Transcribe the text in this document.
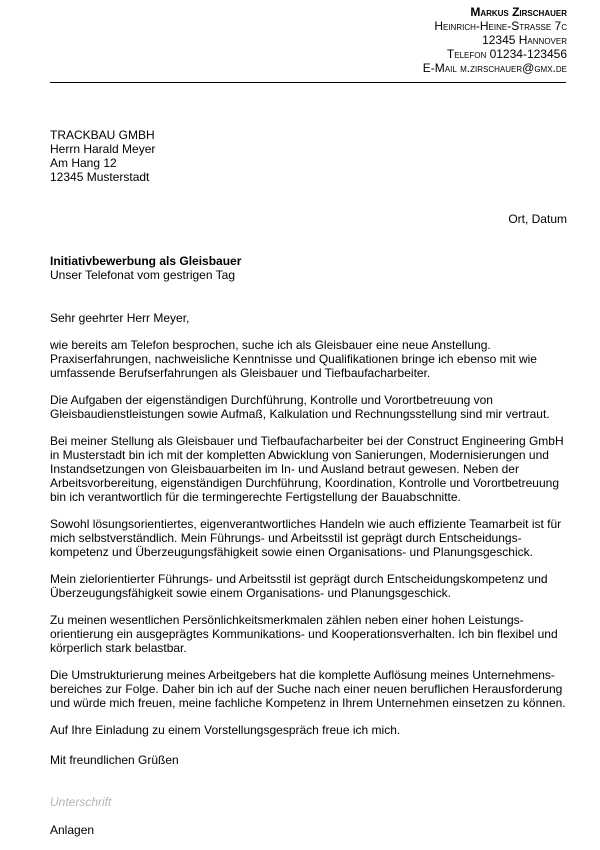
Markus Zirschauer
Heinrich-Heine-Strasse 7c
12345 Hannover
Telefon 01234-123456
E-Mail m.zirschauer@gmx.de
TRACKBAU GMBH
Herrn Harald Meyer
Am Hang 12
12345 Musterstadt
Ort, Datum
Initiativbewerbung als Gleisbauer
Unser Telefonat vom gestrigen Tag
Sehr geehrter Herr Meyer,

wie bereits am Telefon besprochen, suche ich als Gleisbauer eine neue Anstellung. Praxiserfahrungen, nachweisliche Kenntnisse und Qualifikationen bringe ich ebenso mit wie umfassende Berufserfahrungen als Gleisbauer und Tiefbaufacharbeiter.

Die Aufgaben der eigenständigen Durchführung, Kontrolle und Vorortbetreuung von Gleisbaudienstleistungen sowie Aufmaß, Kalkulation und Rechnungsstellung sind mir vertraut.

Bei meiner Stellung als Gleisbauer und Tiefbaufacharbeiter bei der Construct Engineering GmbH in Musterstadt bin ich mit der kompletten Abwicklung von Sanierungen, Modernisierungen und Instandsetzungen von Gleisbauarbeiten im In- und Ausland betraut gewesen. Neben der Arbeitsvorbereitung, eigenständigen Durchführung, Koordination, Kontrolle und Vorortbetreuung bin ich verantwortlich für die termingerechte Fertigstellung der Bauabschnitte.

Sowohl lösungsorientiertes, eigenverantwortliches Handeln wie auch effiziente Teamarbeit ist für mich selbstverständlich. Mein Führungs- und Arbeitsstil ist geprägt durch Entscheidungs-kompetenz und Überzeugungsfähigkeit sowie einen Organisations- und Planungsgeschick.

Mein zielorientierter Führungs- und Arbeitsstil ist geprägt durch Entscheidungskompetenz und Überzeugungsfähigkeit sowie einem Organisations- und Planungsgeschick.

Zu meinen wesentlichen Persönlichkeitsmerkmalen zählen neben einer hohen Leistungs-orientierung ein ausgeprägtes Kommunikations- und Kooperationsverhalten. Ich bin flexibel und körperlich stark belastbar.

Die Umstrukturierung meines Arbeitgebers hat die komplette Auflösung meines Unternehmens-bereiches zur Folge. Daher bin ich auf der Suche nach einer neuen beruflichen Herausforderung und würde mich freuen, meine fachliche Kompetenz in Ihrem Unternehmen einsetzen zu können.

Auf Ihre Einladung zu einem Vorstellungsgespräch freue ich mich.

Mit freundlichen Grüßen
Unterschrift
Anlagen
